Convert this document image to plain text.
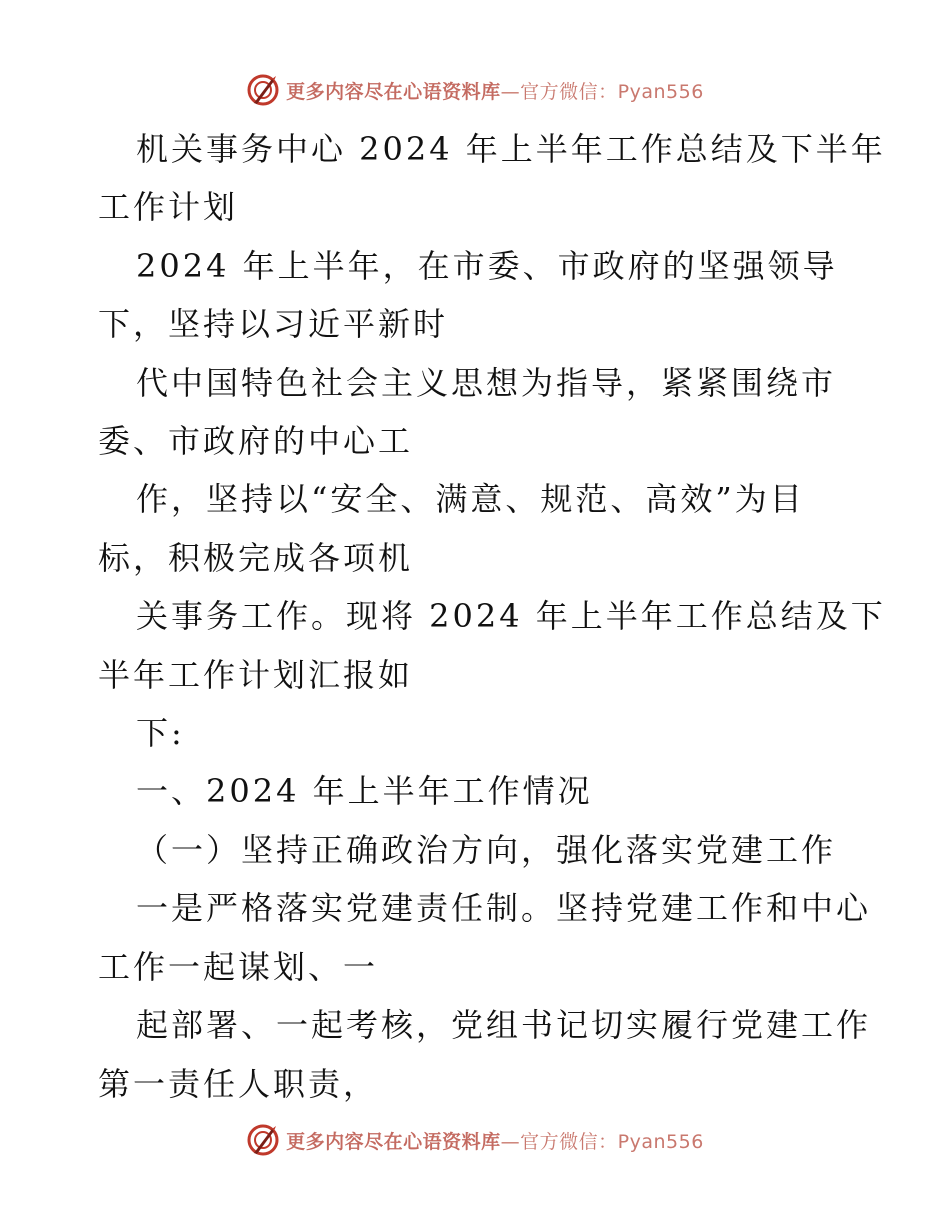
更多内容尽在心语资料库—官方微信：Pyan556

机关事务中心 2024 年上半年工作总结及下半年

工作计划

2024 年上半年，在市委、市政府的坚强领导

下，坚持以习近平新时

代中国特色社会主义思想为指导，紧紧围绕市

委、市政府的中心工

作，坚持以“安全、满意、规范、高效”为目

标，积极完成各项机

关事务工作。现将 2024 年上半年工作总结及下

半年工作计划汇报如

下:

一、2024 年上半年工作情况

（一）坚持正确政治方向，强化落实党建工作

一是严格落实党建责任制。坚持党建工作和中心

工作一起谋划、一

起部署、一起考核，党组书记切实履行党建工作

第一责任人职责，

更多内容尽在心语资料库—官方微信：Pyan556
